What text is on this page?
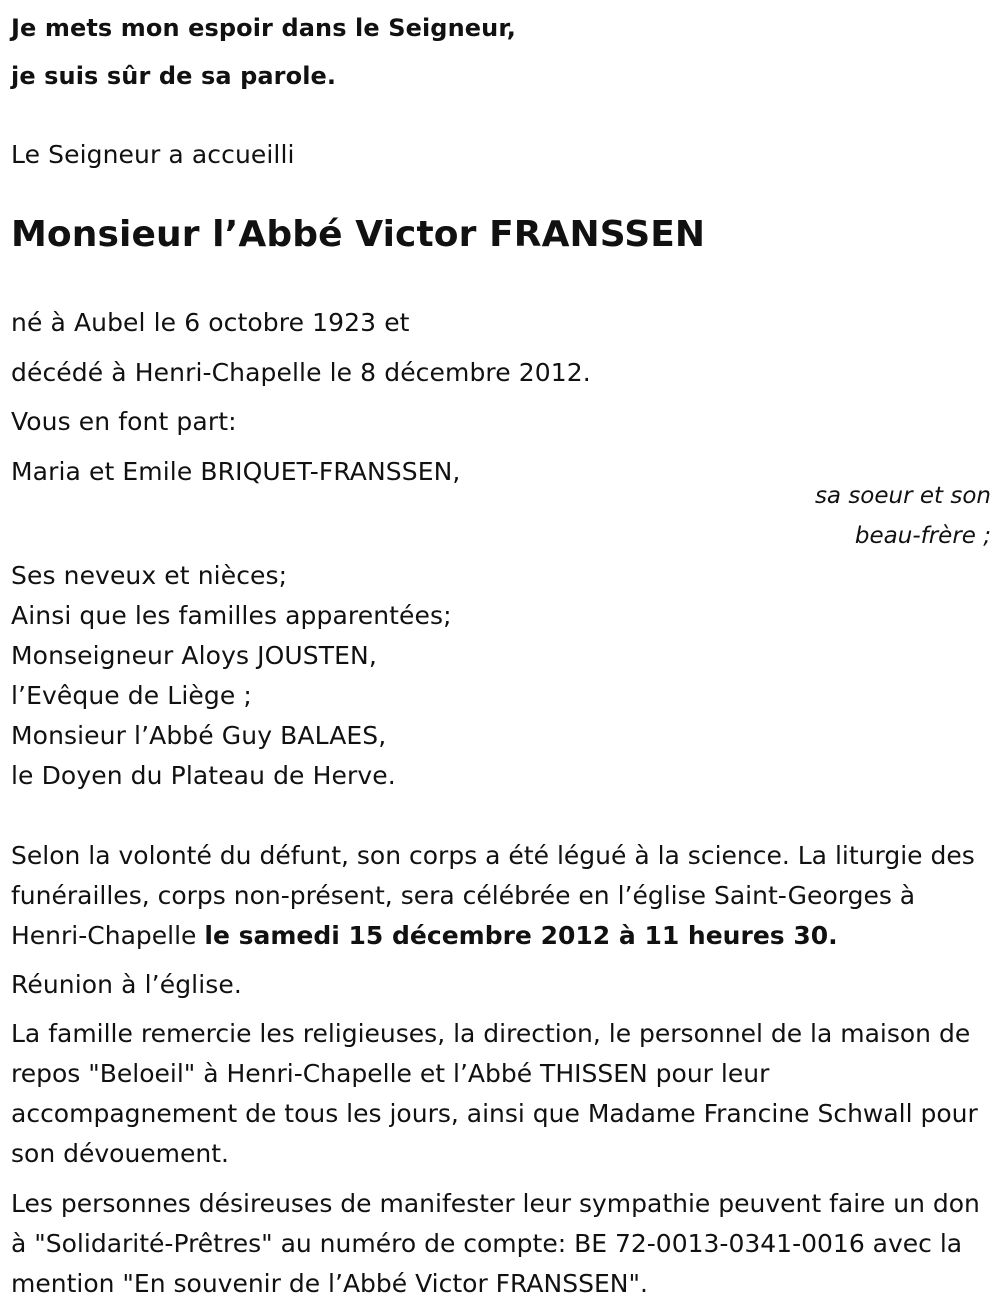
Je mets mon espoir dans le Seigneur,
je suis sûr de sa parole.
Le Seigneur a accueilli
Monsieur l’Abbé Victor FRANSSEN
né à Aubel le 6 octobre 1923 et
décédé à Henri-Chapelle le 8 décembre 2012.
Vous en font part:
Maria et Emile BRIQUET-FRANSSEN,
sa soeur et son
beau-frère ;
Ses neveux et nièces;
Ainsi que les familles apparentées;
Monseigneur Aloys JOUSTEN,
l’Evêque de Liège ;
Monsieur l’Abbé Guy BALAES,
le Doyen du Plateau de Herve.
Selon la volonté du défunt, son corps a été légué à la science. La liturgie des funérailles, corps non-présent, sera célébrée en l’église Saint-Georges à Henri-Chapelle le samedi 15 décembre 2012 à 11 heures 30.
Réunion à l’église.
La famille remercie les religieuses, la direction, le personnel de la maison de repos "Beloeil" à Henri-Chapelle et l’Abbé THISSEN pour leur accompagnement de tous les jours, ainsi que Madame Francine Schwall pour son dévouement.
Les personnes désireuses de manifester leur sympathie peuvent faire un don à "Solidarité-Prêtres" au numéro de compte: BE 72-0013-0341-0016 avec la mention "En souvenir de l’Abbé Victor FRANSSEN".
